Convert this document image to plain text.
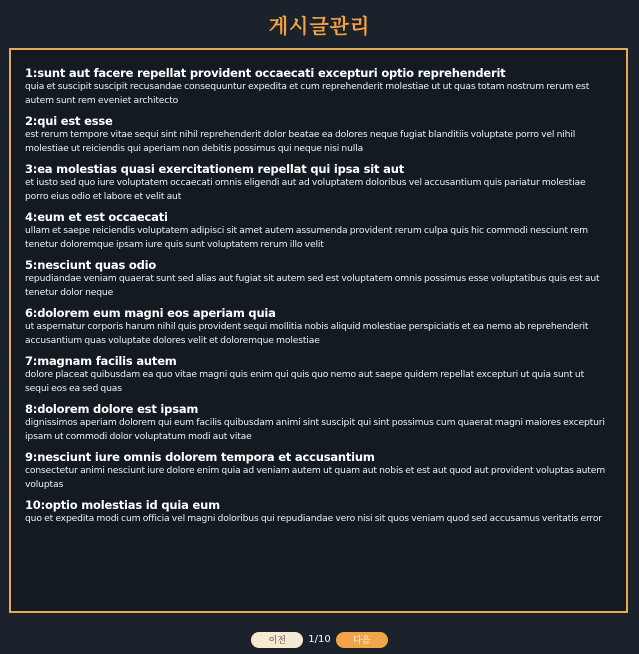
게시글관리
1:sunt aut facere repellat provident occaecati excepturi optio reprehenderit
quia et suscipit suscipit recusandae consequuntur expedita et cum reprehenderit molestiae ut ut quas totam nostrum rerum est autem sunt rem eveniet architecto
2:qui est esse
est rerum tempore vitae sequi sint nihil reprehenderit dolor beatae ea dolores neque fugiat blanditiis voluptate porro vel nihil molestiae ut reiciendis qui aperiam non debitis possimus qui neque nisi nulla
3:ea molestias quasi exercitationem repellat qui ipsa sit aut
et iusto sed quo iure voluptatem occaecati omnis eligendi aut ad voluptatem doloribus vel accusantium quis pariatur molestiae porro eius odio et labore et velit aut
4:eum et est occaecati
ullam et saepe reiciendis voluptatem adipisci sit amet autem assumenda provident rerum culpa quis hic commodi nesciunt rem tenetur doloremque ipsam iure quis sunt voluptatem rerum illo velit
5:nesciunt quas odio
repudiandae veniam quaerat sunt sed alias aut fugiat sit autem sed est voluptatem omnis possimus esse voluptatibus quis est aut tenetur dolor neque
6:dolorem eum magni eos aperiam quia
ut aspernatur corporis harum nihil quis provident sequi mollitia nobis aliquid molestiae perspiciatis et ea nemo ab reprehenderit accusantium quas voluptate dolores velit et doloremque molestiae
7:magnam facilis autem
dolore placeat quibusdam ea quo vitae magni quis enim qui quis quo nemo aut saepe quidem repellat excepturi ut quia sunt ut sequi eos ea sed quas
8:dolorem dolore est ipsam
dignissimos aperiam dolorem qui eum facilis quibusdam animi sint suscipit qui sint possimus cum quaerat magni maiores excepturi ipsam ut commodi dolor voluptatum modi aut vitae
9:nesciunt iure omnis dolorem tempora et accusantium
consectetur animi nesciunt iure dolore enim quia ad veniam autem ut quam aut nobis et est aut quod aut provident voluptas autem voluptas
10:optio molestias id quia eum
quo et expedita modi cum officia vel magni doloribus qui repudiandae vero nisi sit quos veniam quod sed accusamus veritatis error
이전	1/10	다음
